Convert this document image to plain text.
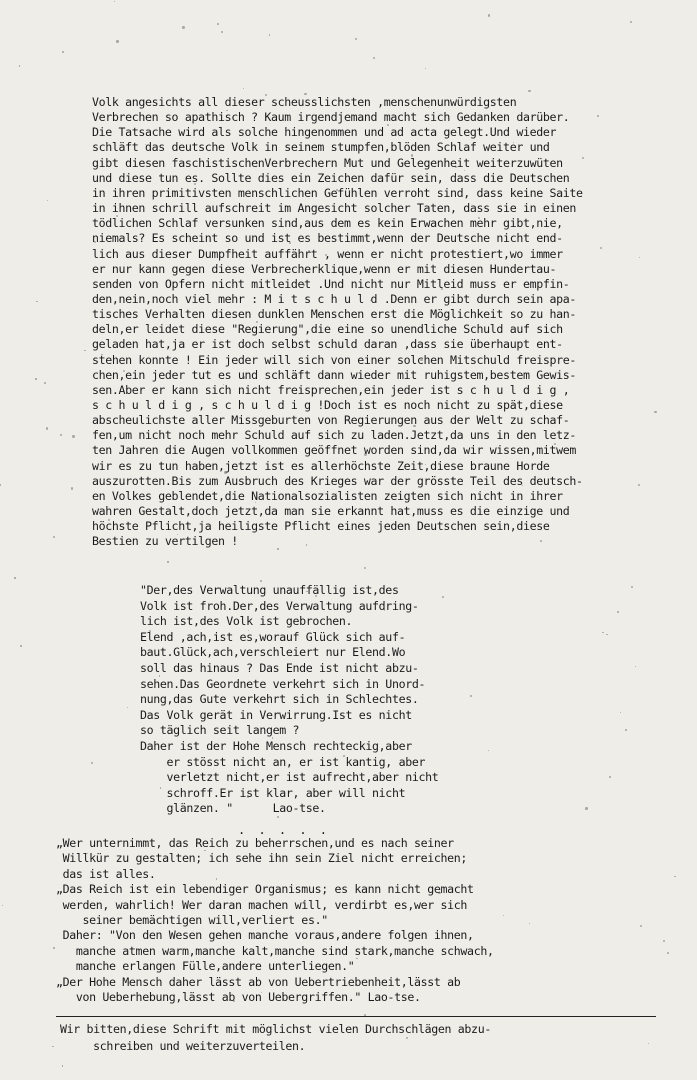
Volk angesichts all dieser scheusslichsten ,menschenunwürdigsten
Verbrechen so apathisch ? Kaum irgendjemand macht sich Gedanken darüber.
Die Tatsache wird als solche hingenommen und ad acta gelegt.Und wieder
schläft das deutsche Volk in seinem stumpfen,blöden Schlaf weiter und
gibt diesen faschistischenVerbrechern Mut und Gelegenheit weiterzuwüten
und diese tun es. Sollte dies ein Zeichen dafür sein, dass die Deutschen
in ihren primitivsten menschlichen Gefühlen verroht sind, dass keine Saite
in ihnen schrill aufschreit im Angesicht solcher Taten, dass sie in einen
tödlichen Schlaf versunken sind,aus dem es kein Erwachen mehr gibt,nie,
niemals? Es scheint so und ist es bestimmt,wenn der Deutsche nicht end-
lich aus dieser Dumpfheit auffährt , wenn er nicht protestiert,wo immer
er nur kann gegen diese Verbrecherklique,wenn er mit diesen Hundertau-
senden von Opfern nicht mitleidet .Und nicht nur Mitleid muss er empfin-
den,nein,noch viel mehr : M i t s c h u l d .Denn er gibt durch sein apa-
tisches Verhalten diesen dunklen Menschen erst die Möglichkeit so zu han-
deln,er leidet diese "Regierung",die eine so unendliche Schuld auf sich
geladen hat,ja er ist doch selbst schuld daran ,dass sie überhaupt ent-
stehen konnte ! Ein jeder will sich von einer solchen Mitschuld freispre-
chen,ein jeder tut es und schläft dann wieder mit ruhigstem,bestem Gewis-
sen.Aber er kann sich nicht freisprechen,ein jeder ist s c h u l d i g ,
s c h u l d i g , s c h u l d i g !Doch ist es noch nicht zu spät,diese
abscheulichste aller Missgeburten von Regierungen aus der Welt zu schaf-
fen,um nicht noch mehr Schuld auf sich zu laden.Jetzt,da uns in den letz-
ten Jahren die Augen vollkommen geöffnet worden sind,da wir wissen,mitwem
wir es zu tun haben,jetzt ist es allerhöchste Zeit,diese braune Horde
auszurotten.Bis zum Ausbruch des Krieges war der grösste Teil des deutsch-
en Volkes geblendet,die Nationalsozialisten zeigten sich nicht in ihrer
wahren Gestalt,doch jetzt,da man sie erkannt hat,muss es die einzige und
höchste Pflicht,ja heiligste Pflicht eines jeden Deutschen sein,diese
Bestien zu vertilgen !
"Der,des Verwaltung unauffällig ist,des
Volk ist froh.Der,des Verwaltung aufdring-
lich ist,des Volk ist gebrochen.
Elend ,ach,ist es,worauf Glück sich auf-
baut.Glück,ach,verschleiert nur Elend.Wo
soll das hinaus ? Das Ende ist nicht abzu-
sehen.Das Geordnete verkehrt sich in Unord-
nung,das Gute verkehrt sich in Schlechtes.
Das Volk gerät in Verwirrung.Ist es nicht
so täglich seit langem ?
Daher ist der Hohe Mensch rechteckig,aber
er stösst nicht an, er ist kantig, aber
verletzt nicht,er ist aufrecht,aber nicht
schroff.Er ist klar, aber will nicht
glänzen. "      Lao-tse.
. . . . .
„Wer unternimmt, das Reich zu beherrschen,und es nach seiner
Willkür zu gestalten; ich sehe ihn sein Ziel nicht erreichen;
das ist alles.
„Das Reich ist ein lebendiger Organismus; es kann nicht gemacht
werden, wahrlich! Wer daran machen will, verdirbt es,wer sich
seiner bemächtigen will,verliert es."
Daher: "Von den Wesen gehen manche voraus,andere folgen ihnen,
manche atmen warm,manche kalt,manche sind stark,manche schwach,
manche erlangen Fülle,andere unterliegen."
„Der Hohe Mensch daher lässt ab von Uebertriebenheit,lässt ab
von Ueberhebung,lässt ab von Uebergriffen." Lao-tse.
Wir bitten,diese Schrift mit möglichst vielen Durchschlägen abzu-
schreiben und weiterzuverteilen.
